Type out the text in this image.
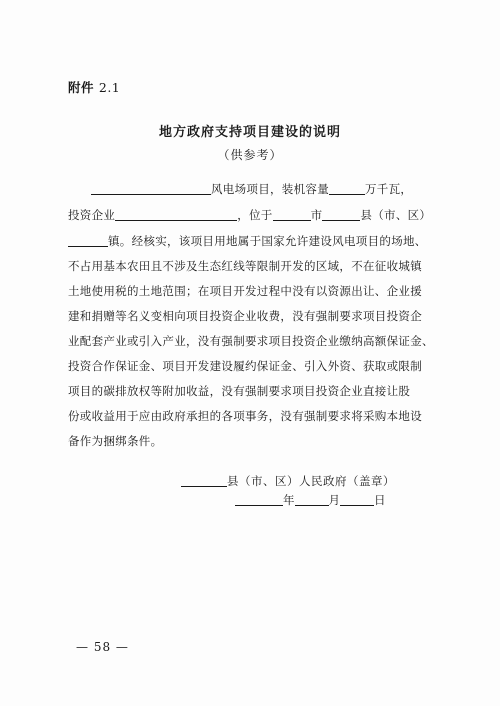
附件 2.1
地方政府支持项目建设的说明
（供参考）
风电场项目，装机容量	万千瓦，
投资企业	，位于	市	县（市、区）
镇。经核实，该项目用地属于国家允许建设风电项目的场地、
不占用基本农田且不涉及生态红线等限制开发的区域，不在征收城镇
土地使用税的土地范围；在项目开发过程中没有以资源出让、企业援
建和捐赠等名义变相向项目投资企业收费，没有强制要求项目投资企
业配套产业或引入产业，没有强制要求项目投资企业缴纳高额保证金、
投资合作保证金、项目开发建设履约保证金、引入外资、获取或限制
项目的碳排放权等附加收益，没有强制要求项目投资企业直接让股
份或收益用于应由政府承担的各项事务，没有强制要求将采购本地设
备作为捆绑条件。
县（市、区）人民政府（盖章）
年	月	日
— 58 —
